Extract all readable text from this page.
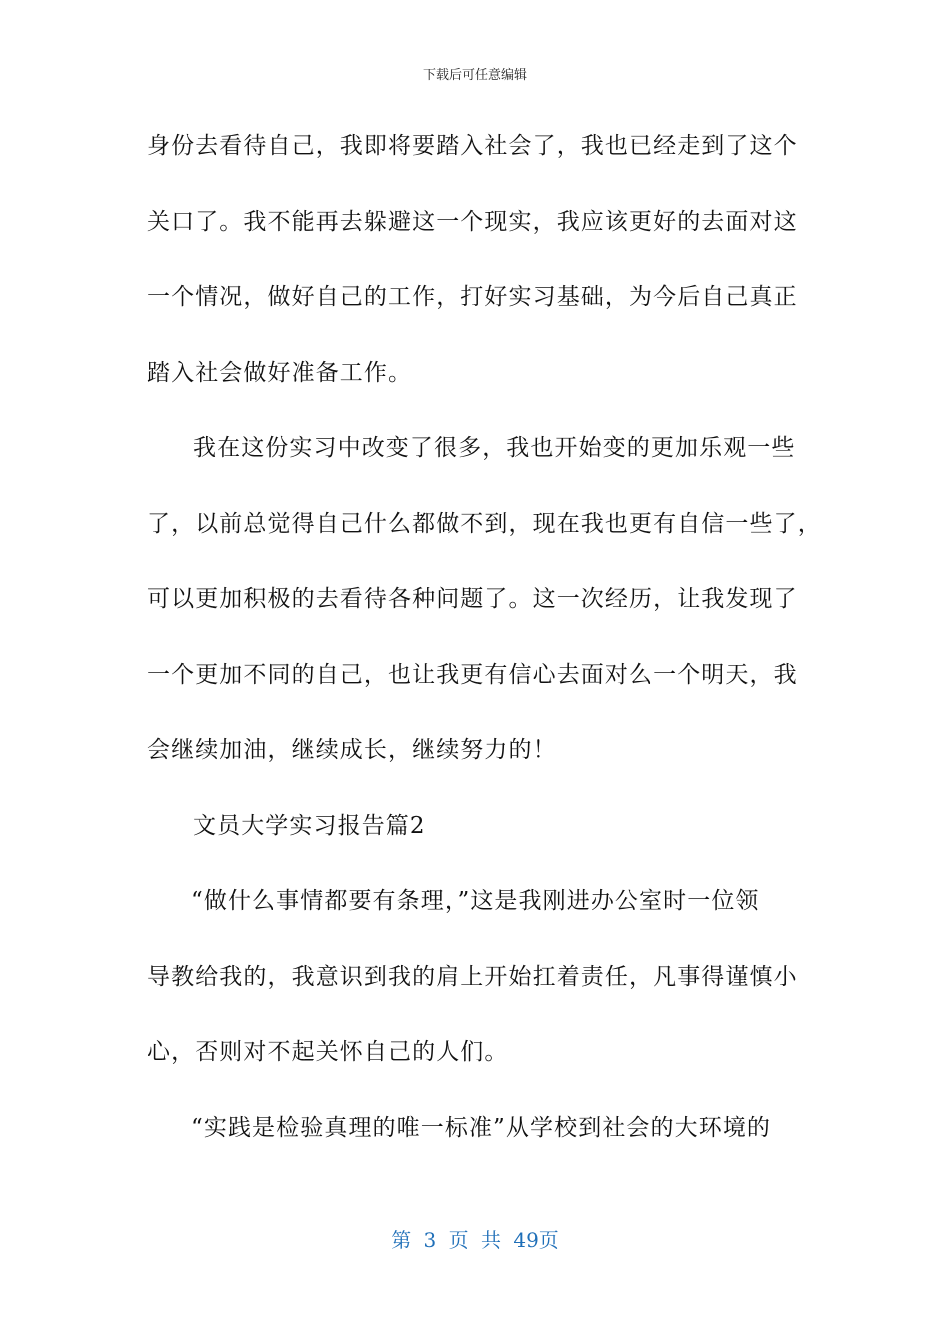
下载后可任意编辑
身份去看待自己，我即将要踏入社会了，我也已经走到了这个
关口了。我不能再去躲避这一个现实，我应该更好的去面对这
一个情况，做好自己的工作，打好实习基础，为今后自己真正
踏入社会做好准备工作。
我在这份实习中改变了很多，我也开始变的更加乐观一些
了，以前总觉得自己什么都做不到，现在我也更有自信一些了，
可以更加积极的去看待各种问题了。这一次经历，让我发现了
一个更加不同的自己，也让我更有信心去面对么一个明天，我
会继续加油，继续成长，继续努力的！
文员大学实习报告篇2
“做什么事情都要有条理，”这是我刚进办公室时一位领
导教给我的，我意识到我的肩上开始扛着责任，凡事得谨慎小
心，否则对不起关怀自己的人们。
“实践是检验真理的唯一标准”从学校到社会的大环境的
第 3 页 共 49页
